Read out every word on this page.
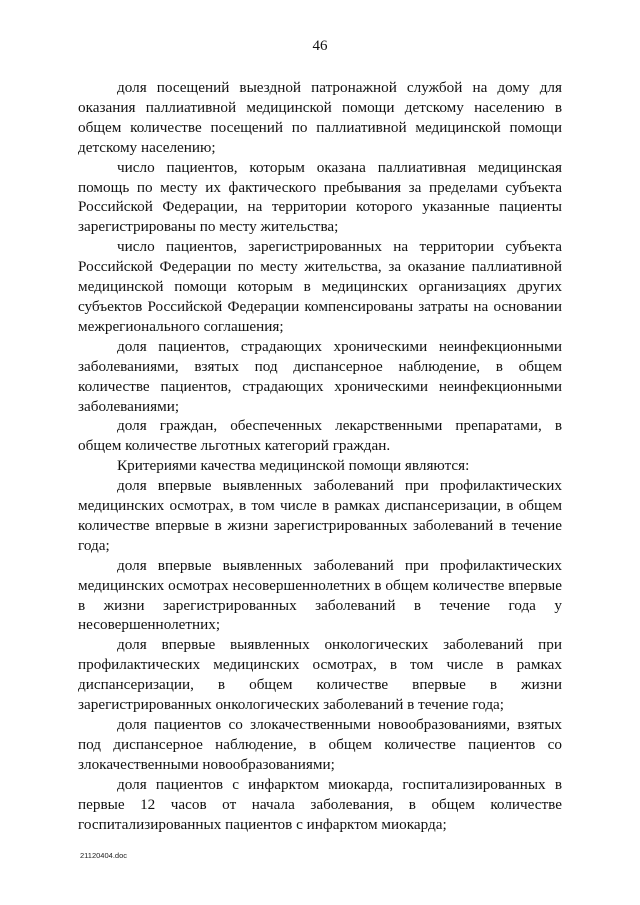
46

доля посещений выездной патронажной службой на дому для оказания паллиативной медицинской помощи детскому населению в общем количестве посещений по паллиативной медицинской помощи детскому населению;

число пациентов, которым оказана паллиативная медицинская помощь по месту их фактического пребывания за пределами субъекта Российской Федерации, на территории которого указанные пациенты зарегистрированы по месту жительства;

число пациентов, зарегистрированных на территории субъекта Российской Федерации по месту жительства, за оказание паллиативной медицинской помощи которым в медицинских организациях других субъектов Российской Федерации компенсированы затраты на основании межрегионального соглашения;

доля пациентов, страдающих хроническими неинфекционными заболеваниями, взятых под диспансерное наблюдение, в общем количестве пациентов, страдающих хроническими неинфекционными заболеваниями;

доля граждан, обеспеченных лекарственными препаратами, в общем количестве льготных категорий граждан.

Критериями качества медицинской помощи являются:

доля впервые выявленных заболеваний при профилактических медицинских осмотрах, в том числе в рамках диспансеризации, в общем количестве впервые в жизни зарегистрированных заболеваний в течение года;

доля впервые выявленных заболеваний при профилактических медицинских осмотрах несовершеннолетних в общем количестве впервые в жизни зарегистрированных заболеваний в течение года у несовершеннолетних;

доля впервые выявленных онкологических заболеваний при профилактических медицинских осмотрах, в том числе в рамках диспансеризации, в общем количестве впервые в жизни зарегистрированных онкологических заболеваний в течение года;

доля пациентов со злокачественными новообразованиями, взятых под диспансерное наблюдение, в общем количестве пациентов со злокачественными новообразованиями;

доля пациентов с инфарктом миокарда, госпитализированных в первые 12 часов от начала заболевания, в общем количестве госпитализированных пациентов с инфарктом миокарда;

21120404.doc
